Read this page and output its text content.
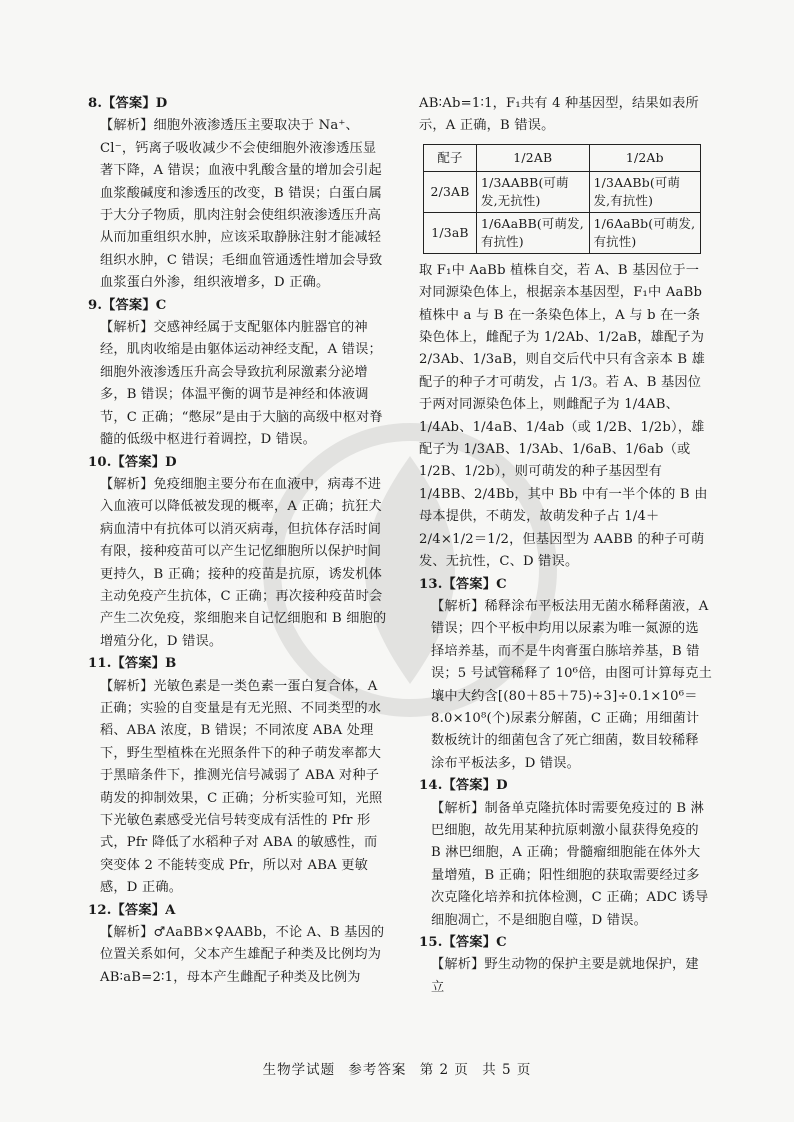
8.【答案】D

【解析】细胞外液渗透压主要取决于 Na⁺、Cl⁻，钙离子吸收减少不会使细胞外液渗透压显著下降，A 错误；血液中乳酸含量的增加会引起血浆酸碱度和渗透压的改变，B 错误；白蛋白属于大分子物质，肌肉注射会使组织液渗透压升高从而加重组织水肿，应该采取静脉注射才能减轻组织水肿，C 错误；毛细血管通透性增加会导致血浆蛋白外渗，组织液增多，D 正确。

9.【答案】C

【解析】交感神经属于支配躯体内脏器官的神经，肌肉收缩是由躯体运动神经支配，A 错误；细胞外液渗透压升高会导致抗利尿激素分泌增多，B 错误；体温平衡的调节是神经和体液调节，C 正确；“憋尿”是由于大脑的高级中枢对脊髓的低级中枢进行着调控，D 错误。

10.【答案】D

【解析】免疫细胞主要分布在血液中，病毒不进入血液可以降低被发现的概率，A 正确；抗狂犬病血清中有抗体可以消灭病毒，但抗体存活时间有限，接种疫苗可以产生记忆细胞所以保护时间更持久，B 正确；接种的疫苗是抗原，诱发机体主动免疫产生抗体，C 正确；再次接种疫苗时会产生二次免疫，浆细胞来自记忆细胞和 B 细胞的增殖分化，D 错误。

11.【答案】B

【解析】光敏色素是一类色素一蛋白复合体，A 正确；实验的自变量是有无光照、不同类型的水稻、ABA 浓度，B 错误；不同浓度 ABA 处理下，野生型植株在光照条件下的种子萌发率都大于黑暗条件下，推测光信号减弱了 ABA 对种子萌发的抑制效果，C 正确；分析实验可知，光照下光敏色素感受光信号转变成有活性的 Pfr 形式，Pfr 降低了水稻种子对 ABA 的敏感性，而突变体 2 不能转变成 Pfr，所以对 ABA 更敏感，D 正确。

12.【答案】A

【解析】♂AaBB×♀AABb，不论 A、B 基因的位置关系如何，父本产生雄配子种类及比例均为 AB∶aB=2∶1，母本产生雌配子种类及比例为

AB∶Ab=1∶1，F₁共有 4 种基因型，结果如表所示，A 正确，B 错误。

配子	1/2AB	1/2Ab
2/3AB	1/3AABB(可萌发,无抗性)	1/3AABb(可萌发,有抗性)
1/3aB	1/6AaBB(可萌发,有抗性)	1/6AaBb(可萌发,有抗性)

取 F₁中 AaBb 植株自交，若 A、B 基因位于一对同源染色体上，根据亲本基因型，F₁中 AaBb 植株中 a 与 B 在一条染色体上，A 与 b 在一条染色体上，雌配子为 1/2Ab、1/2aB，雄配子为 2/3Ab、1/3aB，则自交后代中只有含亲本 B 雄配子的种子才可萌发，占 1/3。若 A、B 基因位于两对同源染色体上，则雌配子为 1/4AB、1/4Ab、1/4aB、1/4ab（或 1/2B、1/2b），雄配子为 1/3AB、1/3Ab、1/6aB、1/6ab（或 1/2B、1/2b），则可萌发的种子基因型有 1/4BB、2/4Bb，其中 Bb 中有一半个体的 B 由母本提供，不萌发，故萌发种子占 1/4＋2/4×1/2＝1/2，但基因型为 AABB 的种子可萌发、无抗性，C、D 错误。

13.【答案】C

【解析】稀释涂布平板法用无菌水稀释菌液，A 错误；四个平板中均用以尿素为唯一氮源的选择培养基，而不是牛肉膏蛋白胨培养基，B 错误；5 号试管稀释了 10⁶倍，由图可计算每克土壤中大约含[(80＋85＋75)÷3]÷0.1×10⁶＝8.0×10⁸(个)尿素分解菌，C 正确；用细菌计数板统计的细菌包含了死亡细菌，数目较稀释涂布平板法多，D 错误。

14.【答案】D

【解析】制备单克隆抗体时需要免疫过的 B 淋巴细胞，故先用某种抗原刺激小鼠获得免疫的 B 淋巴细胞，A 正确；骨髓瘤细胞能在体外大量增殖，B 正确；阳性细胞的获取需要经过多次克隆化培养和抗体检测，C 正确；ADC 诱导细胞凋亡，不是细胞自噬，D 错误。

15.【答案】C

【解析】野生动物的保护主要是就地保护，建立

生物学试题 参考答案 第 2 页 共 5 页
